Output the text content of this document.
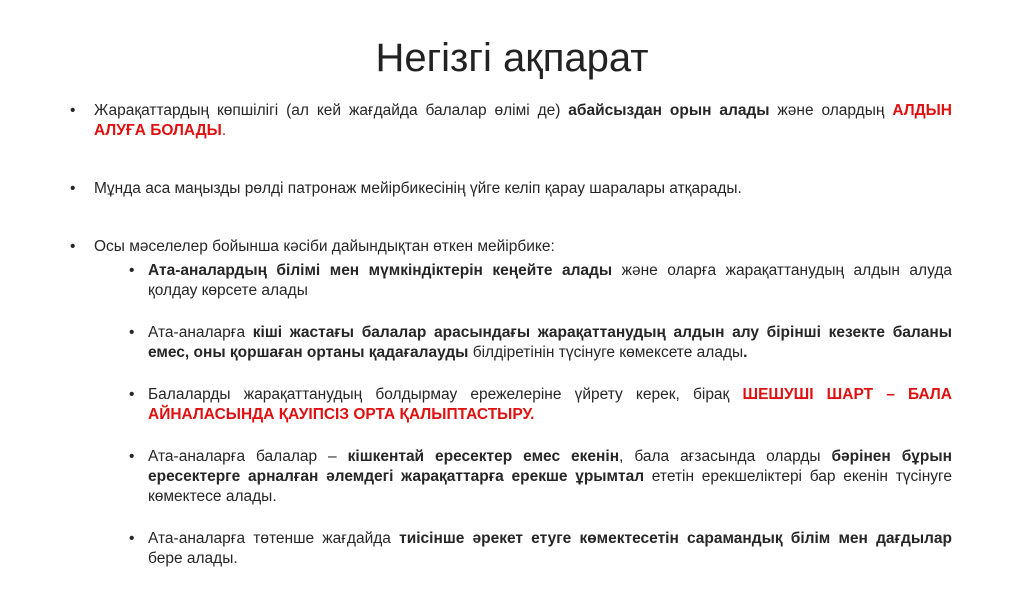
Негізгі ақпарат
• Жарақаттардың көпшілігі (ал кей жағдайда балалар өлімі де) абайсыздан орын алады және олардың АЛДЫН АЛУҒА БОЛАДЫ.
• Мұнда аса маңызды рөлді патронаж мейірбикесінің үйге келіп қарау шаралары атқарады.
• Осы мәселелер бойынша кәсіби дайындықтан өткен мейірбике:
• Ата-аналардың білімі мен мүмкіндіктерін кеңейте алады және оларға жарақаттанудың алдын алуда қолдау көрсете алады
• Ата-аналарға кіші жастағы балалар арасындағы жарақаттанудың алдын алу бірінші кезекте баланы емес, оны қоршаған ортаны қадағалауды білдіретінін түсінуге көмексете алады.
• Балаларды жарақаттанудың болдырмау ережелеріне үйрету керек, бірақ ШЕШУШІ ШАРТ – БАЛА АЙНАЛАСЫНДА ҚАУІПСІЗ ОРТА ҚАЛЫПТАСТЫРУ.
• Ата-аналарға балалар – кішкентай ересектер емес екенін, бала ағзасында оларды бәрінен бұрын ересектерге арналған әлемдегі жарақаттарға ерекше ұрымтал ететін ерекшеліктері бар екенін түсінуге көмектесе алады.
• Ата-аналарға төтенше жағдайда тиісінше әрекет етуге көмектесетін сарамандық білім мен дағдылар бере алады.
